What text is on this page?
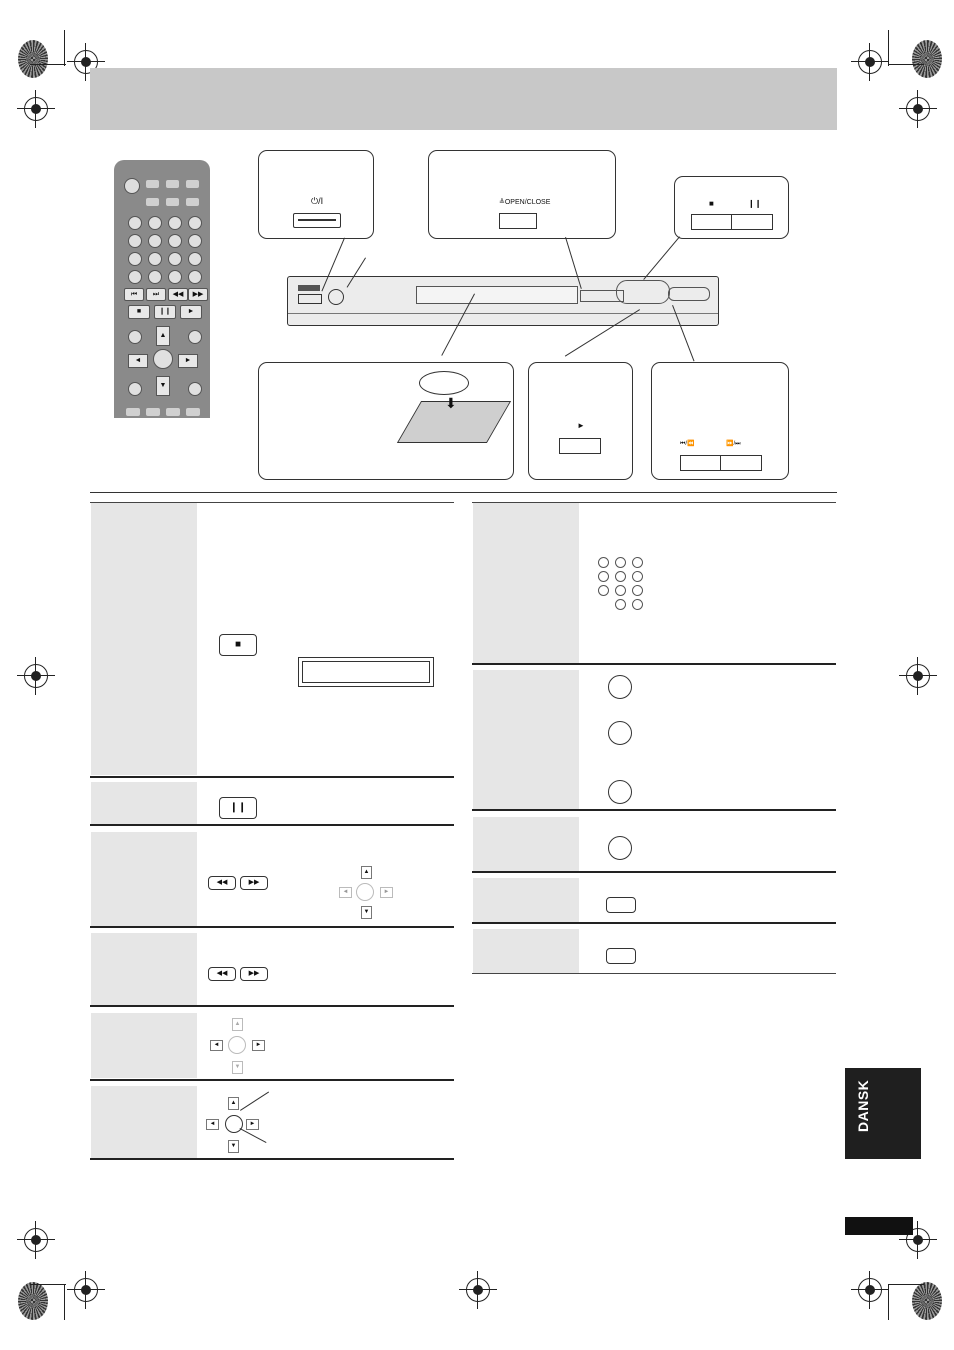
⏮	⏭	◀◀	▶▶
■	❙❙	►
▲
◄	►
▼
⏻/I	≜OPEN/CLOSE	■	❙❙
⬇
►
⏮/⏪	⏩/⏭
■
❙❙
◀◀	▶▶
▲
◄	►
▼
◀◀	▶▶
▲
◄	►
▼
▲
◄	►
▼
DANSK
